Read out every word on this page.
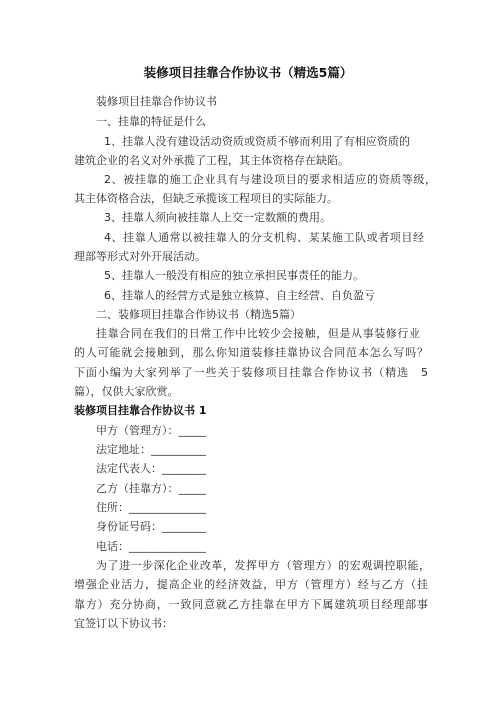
装修项目挂靠合作协议书（精选5篇）
装修项目挂靠合作协议书
一、挂靠的特征是什么
1、挂靠人没有建设活动资质或资质不够而利用了有相应资质的
建筑企业的名义对外承揽了工程，其主体资格存在缺陷。
2、被挂靠的施工企业具有与建设项目的要求相适应的资质等级，
其主体资格合法，但缺乏承揽该工程项目的实际能力。
3、挂靠人须向被挂靠人上交一定数额的费用。
4、挂靠人通常以被挂靠人的分支机构、某某施工队或者项目经
理部等形式对外开展活动。
5、挂靠人一般没有相应的独立承担民事责任的能力。
6、挂靠人的经营方式是独立核算、自主经营、自负盈亏
二、装修项目挂靠合作协议书（精选5篇）
挂靠合同在我们的日常工作中比较少会接触，但是从事装修行业
的人可能就会接触到，那么你知道装修挂靠协议合同范本怎么写吗？
下面小编为大家列举了一些关于装修项目挂靠合作协议书（精选　5
篇），仅供大家欣赏。
装修项目挂靠合作协议书 1
甲方（管理方）：_____
法定地址：__________
法定代表人：________
乙方（挂靠方）：_____
住所：______________
身份证号码：________
电话：______________
为了进一步深化企业改革，发挥甲方（管理方）的宏观调控职能，
增强企业活力，提高企业的经济效益，甲方（管理方）经与乙方（挂
靠方）充分协商，一致同意就乙方挂靠在甲方下属建筑项目经理部事
宜签订以下协议书：
